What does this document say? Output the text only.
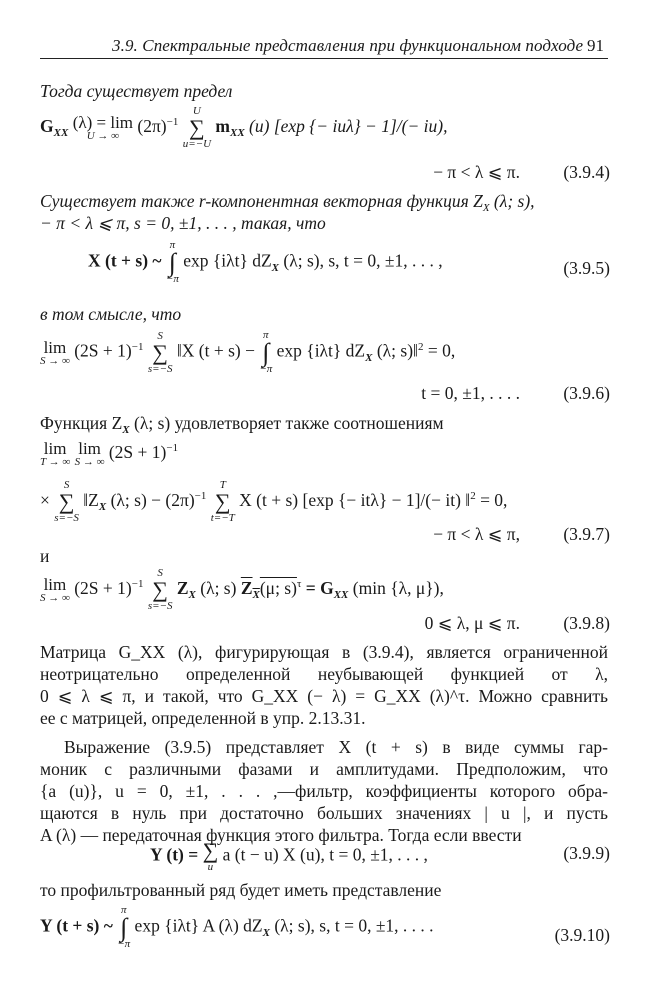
3.9. Спектральные представления при функциональном подходе 91
Тогда существует предел
$G_{XX}$
(λ) = lim
U → ∞	$(2\pi)^{-1}$
U
∑
u=−U
$m_{XX}$ (u) [exp {− iuλ} − 1]/(− iu),
− π < λ ⩽ π. (3.9.4)
Существует также r-компонентная векторная функция $Z_X$ (λ; s),
− π < λ ⩽ π, s = 0, ±1, . . . , такая, что
X (t + s) ~
π
∫
−π
exp {iλt} $dZ_X$ (λ; s), s, t = 0, ±1, . . . ,	(3.9.5)
в том смысле, что
lim
S → ∞ $(2S + 1)^{-1}$
S
∑
s=−S
‖X (t + s) −
π
∫
−π
exp {iλt} $dZ_X$ (λ; s)‖$^2$ = 0,
t = 0, ±1, . . . . (3.9.6)
Функция $Z_X$ (λ; s) удовлетворяет также соотношениям
lim
T → ∞

lim
S → ∞ $(2S + 1)^{-1}$
×
S
∑
s=−S
$‖Z_X$ (λ; $s) - (2\pi)^{-1}$
T
∑
t=−T
X (t + s) [exp {− itλ} − 1]/(− it) ‖$^2$ = 0,
− π < λ ⩽ π, (3.9.7)
и
lim
S → ∞ $(2S + 1)^{-1}$
S
∑
s=−S
$Z_X$ (λ; s) $Z_X(\mu$; $s)^\tau = G_{XX}$ (min {λ, μ}),
0 ⩽ λ, μ ⩽ π. (3.9.8)
Матрица G_XX (λ), фигурирующая в (3.9.4), является ограниченной
неотрицательно определенной неубывающей функцией от λ,
0 ⩽ λ ⩽ π, и такой, что G_XX (− λ) = G_XX (λ)^τ. Можно сравнить
ее с матрицей, определенной в упр. 2.13.31.
Выражение (3.9.5) представляет X (t + s) в виде суммы гар-
моник с различными фазами и амплитудами. Предположим, что
{a (u)}, u = 0, ±1, . . . ,—фильтр, коэффициенты которого обра-
щаются в нуль при достаточно больших значениях | u |, и пусть
A (λ) — передаточная функция этого фильтра. Тогда если ввести
Y (t) = ∑
u
a (t − u) X (u), t = 0, ±1, . . . ,	(3.9.9)
то профильтрованный ряд будет иметь представление
Y (t + s) ~
π
∫
−π
exp {iλt} A (λ) $dZ_X$ (λ; s), s, t = 0, ±1, . . . .	(3.9.10)
